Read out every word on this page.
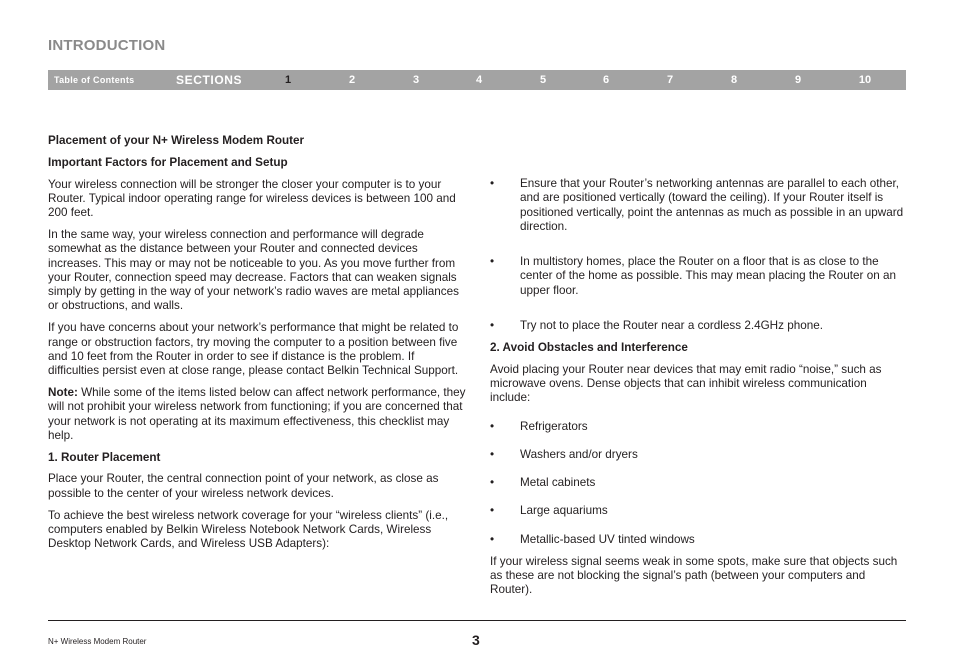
INTRODUCTION
Table of Contents	SECTIONS	1	2	3	4	5	6	7	8	9	10

Placement of your N+ Wireless Modem Router

Important Factors for Placement and Setup

Your wireless connection will be stronger the closer your computer is to your Router. Typical indoor operating range for wireless devices is between 100 and 200 feet.

In the same way, your wireless connection and performance will degrade somewhat as the distance between your Router and connected devices increases. This may or may not be noticeable to you. As you move further from your Router, connection speed may decrease. Factors that can weaken signals simply by getting in the way of your network’s radio waves are metal appliances or obstructions, and walls.

If you have concerns about your network’s performance that might be related to range or obstruction factors, try moving the computer to a position between five and 10 feet from the Router in order to see if distance is the problem. If difficulties persist even at close range, please contact Belkin Technical Support.

Note: While some of the items listed below can affect network performance, they will not prohibit your wireless network from functioning; if you are concerned that your network is not operating at its maximum effectiveness, this checklist may help.

1. Router Placement

Place your Router, the central connection point of your network, as close as possible to the center of your wireless network devices.

To achieve the best wireless network coverage for your “wireless clients” (i.e., computers enabled by Belkin Wireless Notebook Network Cards, Wireless Desktop Network Cards, and Wireless USB Adapters):

• Ensure that your Router’s networking antennas are parallel to each other, and are positioned vertically (toward the ceiling). If your Router itself is positioned vertically, point the antennas as much as possible in an upward direction.

• In multistory homes, place the Router on a floor that is as close to the center of the home as possible. This may mean placing the Router on an upper floor.

• Try not to place the Router near a cordless 2.4GHz phone.

2. Avoid Obstacles and Interference

Avoid placing your Router near devices that may emit radio “noise,” such as microwave ovens. Dense objects that can inhibit wireless communication include:

• Refrigerators

• Washers and/or dryers

• Metal cabinets

• Large aquariums

• Metallic-based UV tinted windows

If your wireless signal seems weak in some spots, make sure that objects such as these are not blocking the signal’s path (between your computers and Router).

N+ Wireless Modem Router	3
